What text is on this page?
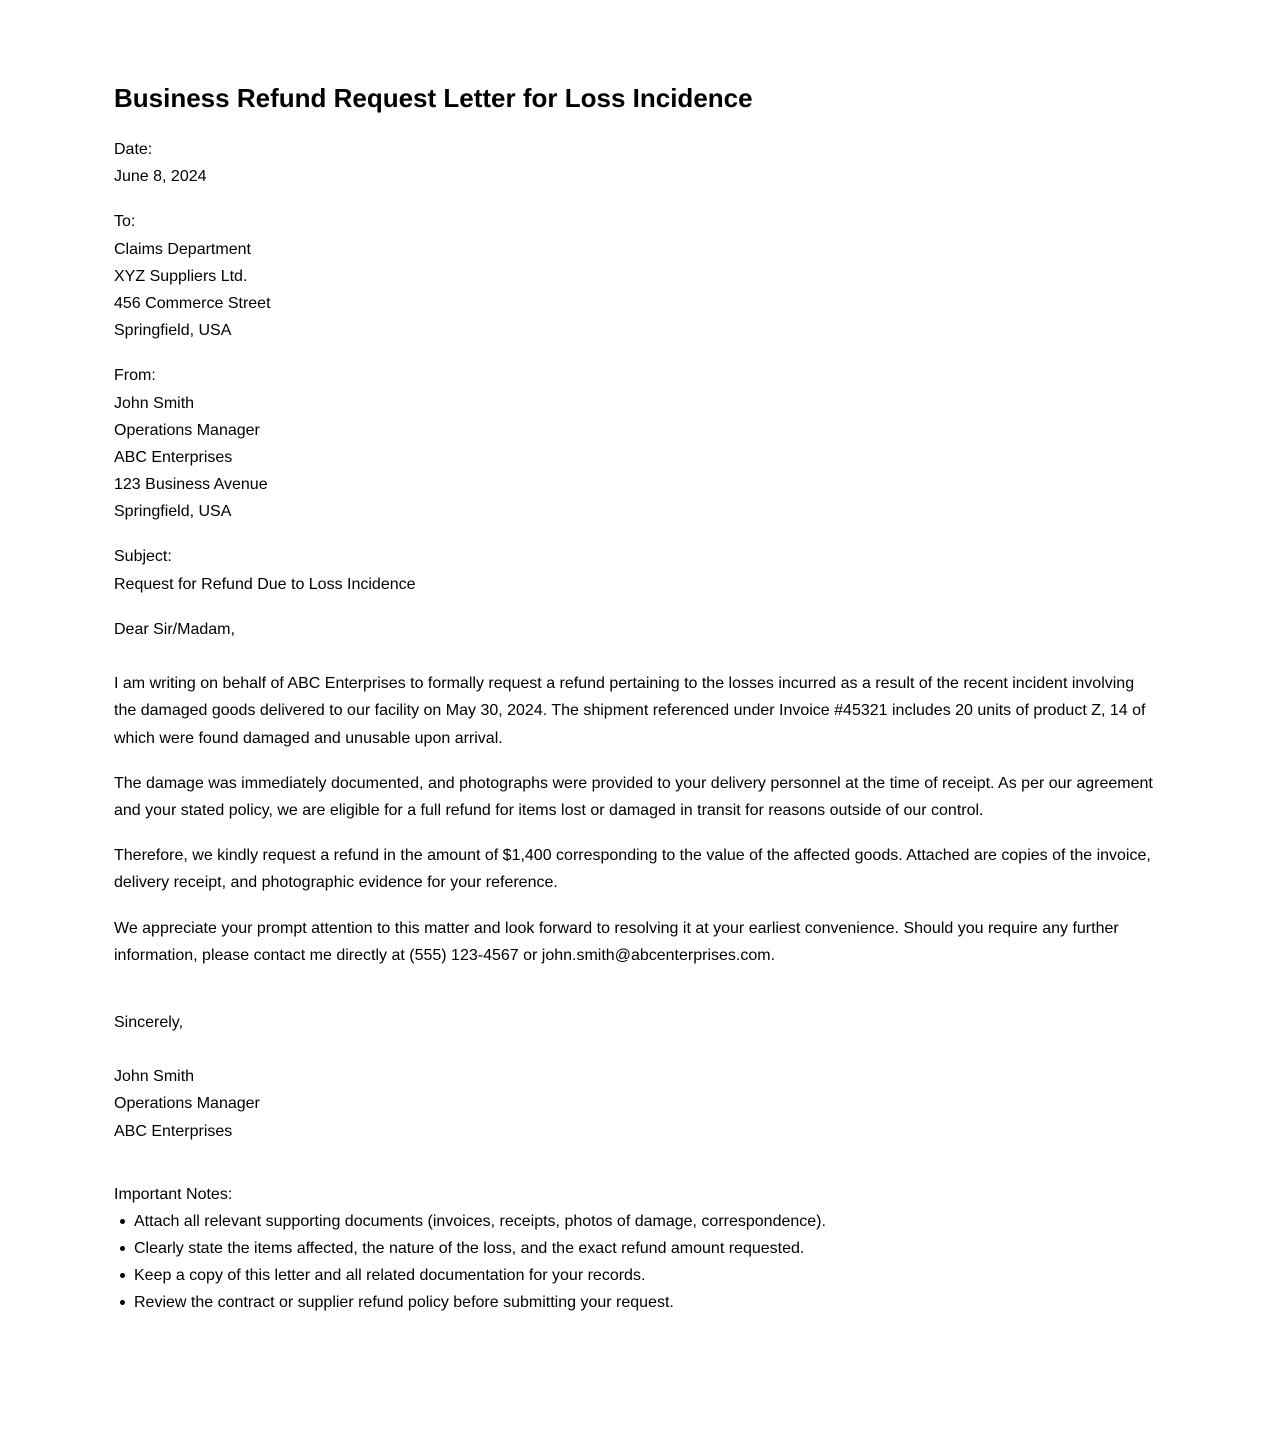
Business Refund Request Letter for Loss Incidence
Date:
June 8, 2024
To:
Claims Department
XYZ Suppliers Ltd.
456 Commerce Street
Springfield, USA
From:
John Smith
Operations Manager
ABC Enterprises
123 Business Avenue
Springfield, USA
Subject:
Request for Refund Due to Loss Incidence
Dear Sir/Madam,

I am writing on behalf of ABC Enterprises to formally request a refund pertaining to the losses incurred as a result of the recent incident involving the damaged goods delivered to our facility on May 30, 2024. The shipment referenced under Invoice #45321 includes 20 units of product Z, 14 of which were found damaged and unusable upon arrival.

The damage was immediately documented, and photographs were provided to your delivery personnel at the time of receipt. As per our agreement and your stated policy, we are eligible for a full refund for items lost or damaged in transit for reasons outside of our control.

Therefore, we kindly request a refund in the amount of $1,400 corresponding to the value of the affected goods. Attached are copies of the invoice, delivery receipt, and photographic evidence for your reference.

We appreciate your prompt attention to this matter and look forward to resolving it at your earliest convenience. Should you require any further information, please contact me directly at (555) 123-4567 or john.smith@abcenterprises.com.

Sincerely,
John Smith
Operations Manager
ABC Enterprises
Important Notes:
Attach all relevant supporting documents (invoices, receipts, photos of damage, correspondence).
Clearly state the items affected, the nature of the loss, and the exact refund amount requested.
Keep a copy of this letter and all related documentation for your records.
Review the contract or supplier refund policy before submitting your request.
